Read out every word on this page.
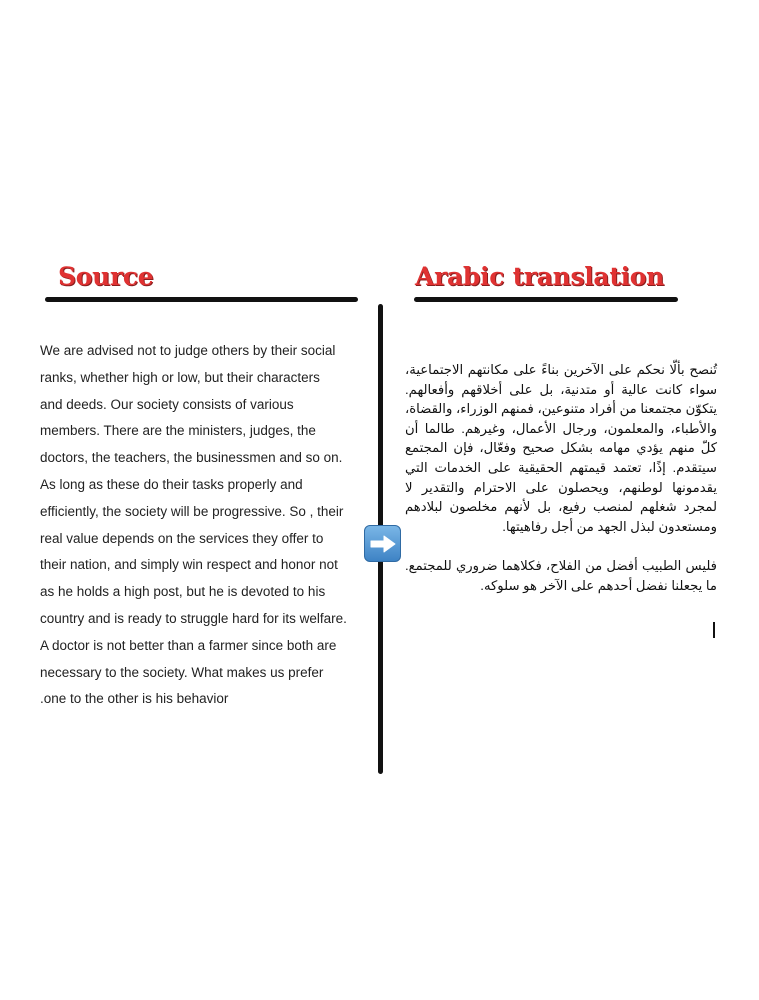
Source	Arabic translation
We are advised not to judge others by their social
ranks, whether high or low, but their characters
and deeds. Our society consists of various
members. There are the ministers, judges, the
doctors, the teachers, the businessmen and so on.
As long as these do their tasks properly and
efficiently, the society will be progressive. So , their
real value depends on the services they offer to
their nation, and simply win respect and honor not
as he holds a high post, but he is devoted to his
country and is ready to struggle hard for its welfare.
A doctor is not better than a farmer since both are
necessary to the society. What makes us prefer
.one to the other is his behavior

تُنصح بألّا نحكم على الآخرين بناءً على مكانتهم الاجتماعية، سواء كانت عالية أو متدنية، بل على أخلاقهم وأفعالهم. يتكوّن مجتمعنا من أفراد متنوعين، فمنهم الوزراء، والقضاة، والأطباء، والمعلمون، ورجال الأعمال، وغيرهم. طالما أن كلّ منهم يؤدي مهامه بشكل صحيح وفعّال، فإن المجتمع سيتقدم. إذًا، تعتمد قيمتهم الحقيقية على الخدمات التي يقدمونها لوطنهم، ويحصلون على الاحترام والتقدير لا لمجرد شغلهم لمنصب رفيع، بل لأنهم مخلصون لبلادهم ومستعدون لبذل الجهد من أجل رفاهيتها.

فليس الطبيب أفضل من الفلاح، فكلاهما ضروري للمجتمع. ما يجعلنا نفضل أحدهم على الآخر هو سلوكه.
